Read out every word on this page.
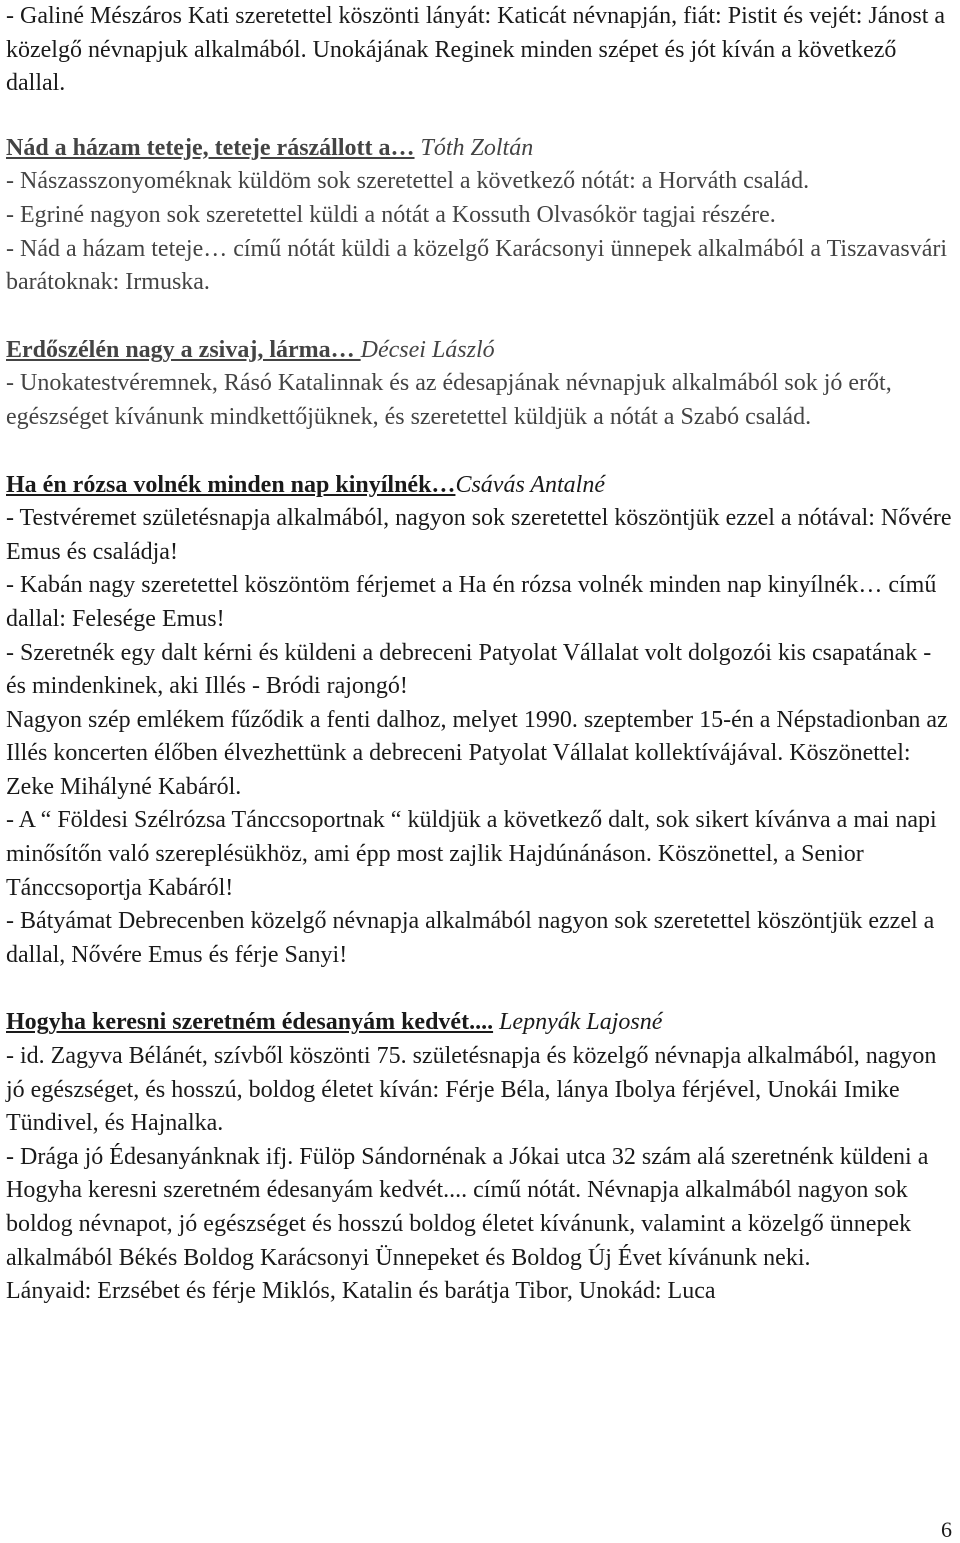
- Galiné Mészáros Kati szeretettel köszönti lányát: Katicát névnapján, fiát: Pistit és vejét: Jánost a közelgő névnapjuk alkalmából. Unokájának Reginek minden szépet és jót kíván a következő dallal.

Nád a házam teteje, teteje rászállott a… Tóth Zoltán

- Nászasszonyoméknak küldöm sok szeretettel a következő nótát: a Horváth család.

- Egriné nagyon sok szeretettel küldi a nótát a Kossuth Olvasókör tagjai részére.

- Nád a házam teteje… című nótát küldi a közelgő Karácsonyi ünnepek alkalmából a Tiszavasvári barátoknak: Irmuska.

Erdőszélén nagy a zsivaj, lárma… Décsei László

- Unokatestvéremnek, Rásó Katalinnak és az édesapjának névnapjuk alkalmából sok jó erőt, egészséget kívánunk mindkettőjüknek, és szeretettel küldjük a nótát a Szabó család.

Ha én rózsa volnék minden nap kinyílnék…Csávás Antalné

- Testvéremet születésnapja alkalmából, nagyon sok szeretettel köszöntjük ezzel a nótával: Nővére Emus és családja!

- Kabán nagy szeretettel köszöntöm férjemet a Ha én rózsa volnék minden nap kinyílnék… című dallal: Felesége Emus!

- Szeretnék egy dalt kérni és küldeni a debreceni Patyolat Vállalat volt dolgozói kis csapatának - és mindenkinek, aki Illés - Bródi rajongó!

Nagyon szép emlékem fűződik a fenti dalhoz, melyet 1990. szeptember 15-én a Népstadionban az Illés koncerten élőben élvezhettünk a debreceni Patyolat Vállalat kollektívájával. Köszönettel: Zeke Mihályné Kabáról.

- A “ Földesi Szélrózsa Tánccsoportnak “ küldjük a következő dalt, sok sikert kívánva a mai napi minősítőn való szereplésükhöz, ami épp most zajlik Hajdúnánáson. Köszönettel, a Senior Tánccsoportja Kabáról!

- Bátyámat Debrecenben közelgő névnapja alkalmából nagyon sok szeretettel köszöntjük ezzel a dallal, Nővére Emus és férje Sanyi!

Hogyha keresni szeretném édesanyám kedvét.... Lepnyák Lajosné

- id. Zagyva Bélánét, szívből köszönti 75. születésnapja és közelgő névnapja alkalmából, nagyon jó egészséget, és hosszú, boldog életet kíván: Férje Béla, lánya Ibolya férjével, Unokái Imike Tündivel, és Hajnalka.

- Drága jó Édesanyánknak ifj. Fülöp Sándornénak a Jókai utca 32 szám alá szeretnénk küldeni a Hogyha keresni szeretném édesanyám kedvét.... című nótát. Névnapja alkalmából nagyon sok boldog névnapot, jó egészséget és hosszú boldog életet kívánunk, valamint a közelgő ünnepek alkalmából Békés Boldog Karácsonyi Ünnepeket és Boldog Új Évet kívánunk neki.

Lányaid: Erzsébet és férje Miklós, Katalin és barátja Tibor, Unokád: Luca

6
